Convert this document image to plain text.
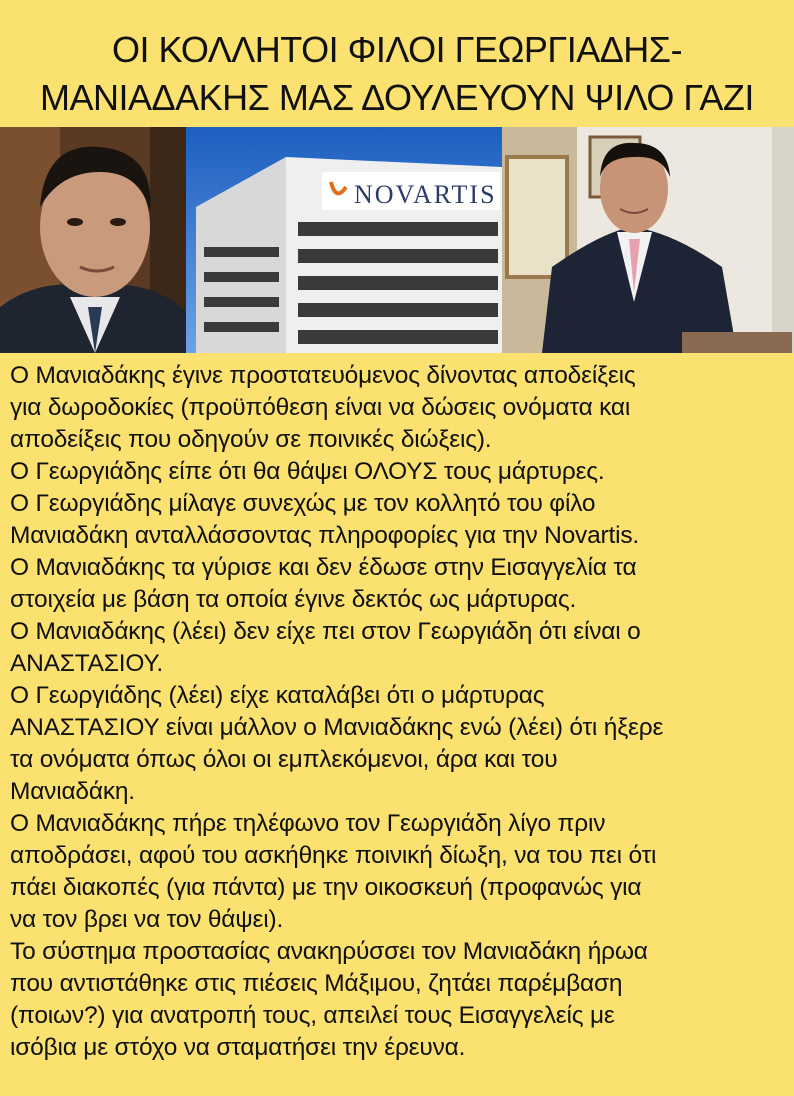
ΟΙ ΚΟΛΛΗΤΟΙ ΦΙΛΟΙ ΓΕΩΡΓΙΑΔΗΣ-
ΜΑΝΙΑΔΑΚΗΣ ΜΑΣ ΔΟΥΛΕΥΟΥΝ ΨΙΛΟ ΓΑΖΙ
NOVARTIS

Ο Μανιαδάκης έγινε προστατευόμενος δίνοντας αποδείξεις
για δωροδοκίες (προϋπόθεση είναι να δώσεις ονόματα και
αποδείξεις που οδηγούν σε ποινικές διώξεις).

Ο Γεωργιάδης είπε ότι θα θάψει ΟΛΟΥΣ τους μάρτυρες.

Ο Γεωργιάδης μίλαγε συνεχώς με τον κολλητό του φίλο
Μανιαδάκη ανταλλάσσοντας πληροφορίες για την Novartis.

Ο Μανιαδάκης τα γύρισε και δεν έδωσε στην Εισαγγελία τα
στοιχεία με βάση τα οποία έγινε δεκτός ως μάρτυρας.

Ο Μανιαδάκης (λέει) δεν είχε πει στον Γεωργιάδη ότι είναι ο
ΑΝΑΣΤΑΣΙΟΥ.

Ο Γεωργιάδης (λέει) είχε καταλάβει ότι ο μάρτυρας
ΑΝΑΣΤΑΣΙΟΥ είναι μάλλον ο Μανιαδάκης ενώ (λέει) ότι ήξερε
τα ονόματα όπως όλοι οι εμπλεκόμενοι, άρα και του
Μανιαδάκη.

Ο Μανιαδάκης πήρε τηλέφωνο τον Γεωργιάδη λίγο πριν
αποδράσει, αφού του ασκήθηκε ποινική δίωξη, να του πει ότι
πάει διακοπές (για πάντα) με την οικοσκευή (προφανώς για
να τον βρει να τον θάψει).

Το σύστημα προστασίας ανακηρύσσει τον Μανιαδάκη ήρωα
που αντιστάθηκε στις πιέσεις Μάξιμου, ζητάει παρέμβαση
(ποιων?) για ανατροπή τους, απειλεί τους Εισαγγελείς με
ισόβια με στόχο να σταματήσει την έρευνα.
